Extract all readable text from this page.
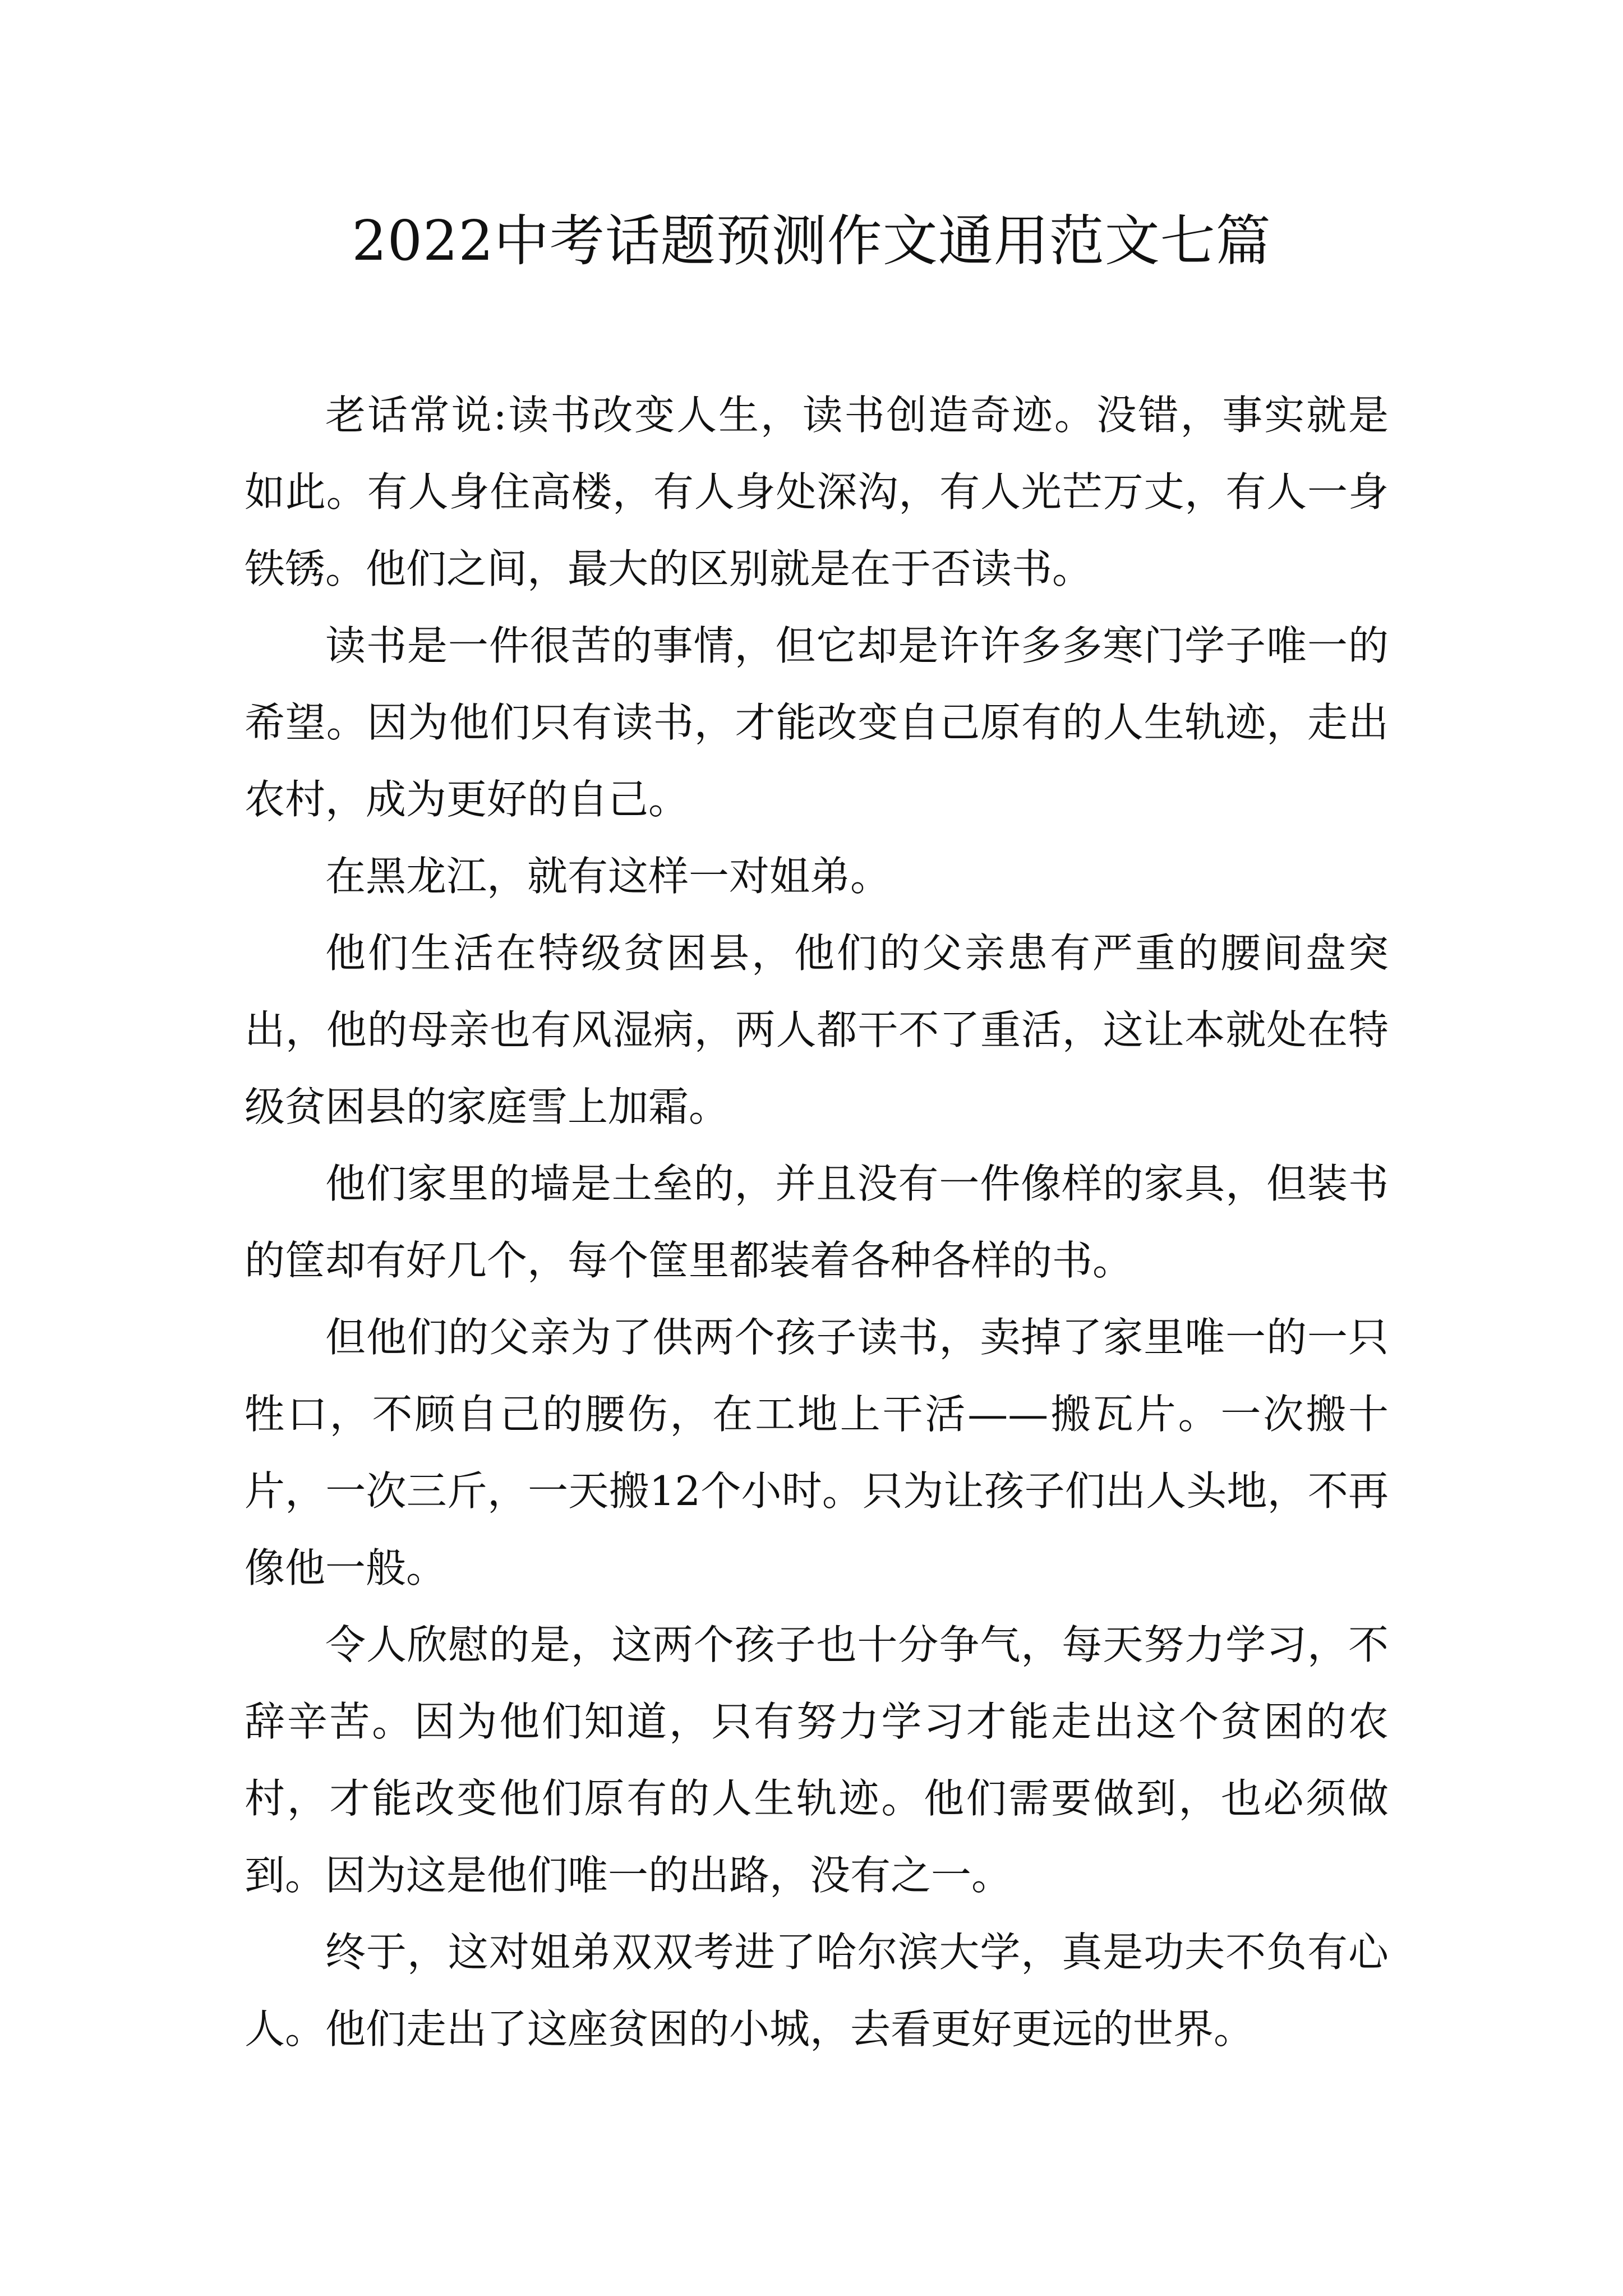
2022中考话题预测作文通用范文七篇

老话常说:读书改变人生，读书创造奇迹。没错，事实就是如此。有人身住高楼，有人身处深沟，有人光芒万丈，有人一身铁锈。他们之间，最大的区别就是在于否读书。

读书是一件很苦的事情，但它却是许许多多寒门学子唯一的希望。因为他们只有读书，才能改变自己原有的人生轨迹，走出农村，成为更好的自己。

在黑龙江，就有这样一对姐弟。

他们生活在特级贫困县，他们的父亲患有严重的腰间盘突出，他的母亲也有风湿病，两人都干不了重活，这让本就处在特级贫困县的家庭雪上加霜。

他们家里的墙是土垒的，并且没有一件像样的家具，但装书的筐却有好几个，每个筐里都装着各种各样的书。

但他们的父亲为了供两个孩子读书，卖掉了家里唯一的一只牲口，不顾自己的腰伤，在工地上干活——搬瓦片。一次搬十片，一次三斤，一天搬12个小时。只为让孩子们出人头地，不再像他一般。

令人欣慰的是，这两个孩子也十分争气，每天努力学习，不辞辛苦。因为他们知道，只有努力学习才能走出这个贫困的农村，才能改变他们原有的人生轨迹。他们需要做到，也必须做到。因为这是他们唯一的出路，没有之一。

终于，这对姐弟双双考进了哈尔滨大学，真是功夫不负有心人。他们走出了这座贫困的小城，去看更好更远的世界。
